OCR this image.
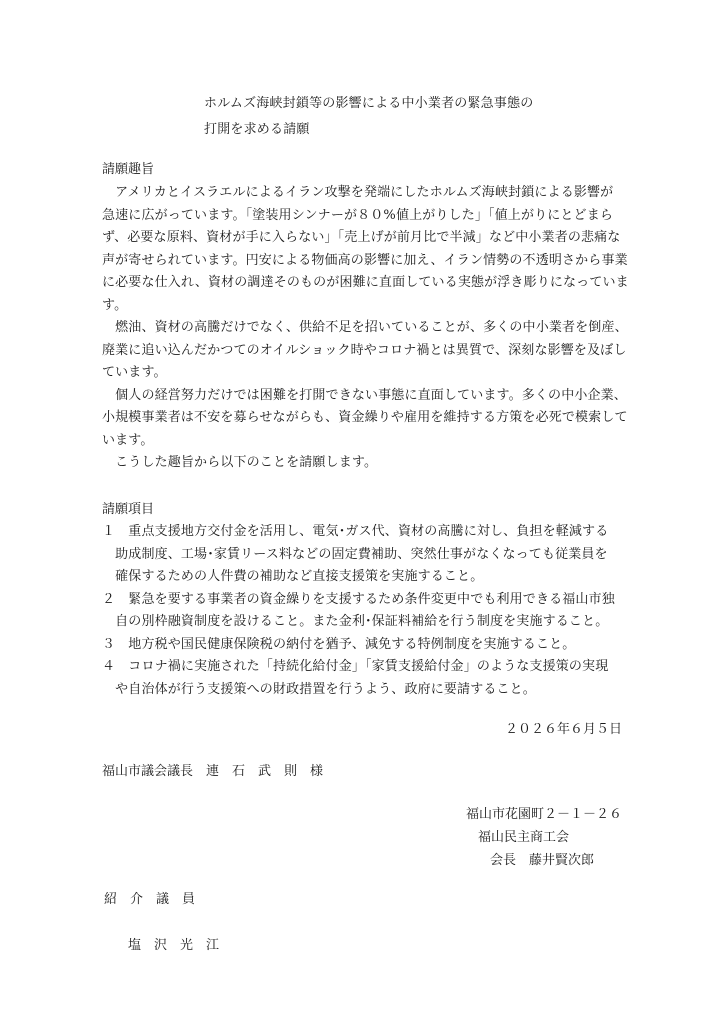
ホルムズ海峡封鎖等の影響による中小業者の緊急事態の
打開を求める請願
請願趣旨
　アメリカとイスラエルによるイラン攻撃を発端にしたホルムズ海峡封鎖による影響が
急速に広がっています。「塗装用シンナーが８０%値上がりした」「値上がりにとどまら
ず、必要な原料、資材が手に入らない」「売上げが前月比で半減」など中小業者の悲痛な
声が寄せられています。円安による物価高の影響に加え、イラン情勢の不透明さから事業
に必要な仕入れ、資材の調達そのものが困難に直面している実態が浮き彫りになっていま
す。
　燃油、資材の高騰だけでなく、供給不足を招いていることが、多くの中小業者を倒産、
廃業に追い込んだかつてのオイルショック時やコロナ禍とは異質で、深刻な影響を及ぼし
ています。
　個人の経営努力だけでは困難を打開できない事態に直面しています。多くの中小企業、
小規模事業者は不安を募らせながらも、資金繰りや雇用を維持する方策を必死で模索して
います。
　こうした趣旨から以下のことを請願します。
請願項目
１　重点支援地方交付金を活用し、電気･ガス代、資材の高騰に対し、負担を軽減する
　助成制度、工場･家賃リース料などの固定費補助、突然仕事がなくなっても従業員を
　確保するための人件費の補助など直接支援策を実施すること。
２　緊急を要する事業者の資金繰りを支援するため条件変更中でも利用できる福山市独
　自の別枠融資制度を設けること。また金利･保証料補給を行う制度を実施すること。
３　地方税や国民健康保険税の納付を猶予、減免する特例制度を実施すること。
４　コロナ禍に実施された「持続化給付金」「家賃支援給付金」のような支援策の実現
　や自治体が行う支援策への財政措置を行うよう、政府に要請すること。
２０２６年６月５日
福山市議会議長　連　石　武　則　様
福山市花園町２－１－２６
福山民主商工会
会長　藤井賢次郎
紹　介　議　員
塩　沢　光　江
